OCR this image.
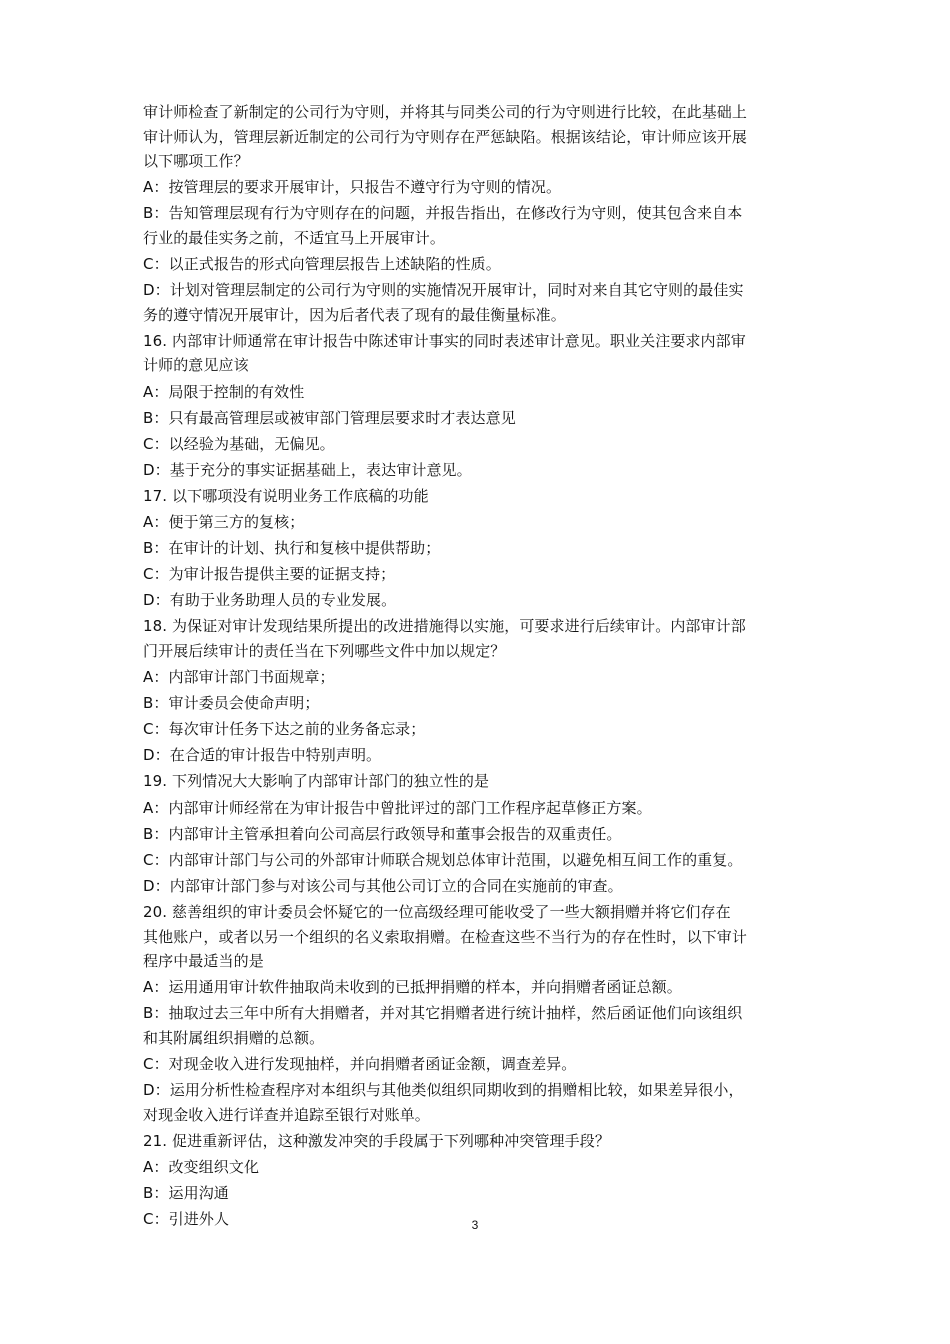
审计师检查了新制定的公司行为守则，并将其与同类公司的行为守则进行比较，在此基础上
审计师认为，管理层新近制定的公司行为守则存在严惩缺陷。根据该结论，审计师应该开展
以下哪项工作？
A：按管理层的要求开展审计，只报告不遵守行为守则的情况。
B：告知管理层现有行为守则存在的问题，并报告指出，在修改行为守则，使其包含来自本
行业的最佳实务之前，不适宜马上开展审计。
C：以正式报告的形式向管理层报告上述缺陷的性质。
D：计划对管理层制定的公司行为守则的实施情况开展审计，同时对来自其它守则的最佳实
务的遵守情况开展审计，因为后者代表了现有的最佳衡量标准。
16. 内部审计师通常在审计报告中陈述审计事实的同时表述审计意见。职业关注要求内部审
计师的意见应该
A：局限于控制的有效性
B：只有最高管理层或被审部门管理层要求时才表达意见
C：以经验为基础，无偏见。
D：基于充分的事实证据基础上，表达审计意见。
17. 以下哪项没有说明业务工作底稿的功能
A：便于第三方的复核；
B：在审计的计划、执行和复核中提供帮助；
C：为审计报告提供主要的证据支持；
D：有助于业务助理人员的专业发展。
18. 为保证对审计发现结果所提出的改进措施得以实施，可要求进行后续审计。内部审计部
门开展后续审计的责任当在下列哪些文件中加以规定？
A：内部审计部门书面规章；
B：审计委员会使命声明；
C：每次审计任务下达之前的业务备忘录；
D：在合适的审计报告中特别声明。
19. 下列情况大大影响了内部审计部门的独立性的是
A：内部审计师经常在为审计报告中曾批评过的部门工作程序起草修正方案。
B：内部审计主管承担着向公司高层行政领导和董事会报告的双重责任。
C：内部审计部门与公司的外部审计师联合规划总体审计范围，以避免相互间工作的重复。
D：内部审计部门参与对该公司与其他公司订立的合同在实施前的审查。
20. 慈善组织的审计委员会怀疑它的一位高级经理可能收受了一些大额捐赠并将它们存在
其他账户，或者以另一个组织的名义索取捐赠。在检查这些不当行为的存在性时，以下审计
程序中最适当的是
A：运用通用审计软件抽取尚未收到的已抵押捐赠的样本，并向捐赠者函证总额。
B：抽取过去三年中所有大捐赠者，并对其它捐赠者进行统计抽样，然后函证他们向该组织
和其附属组织捐赠的总额。
C：对现金收入进行发现抽样，并向捐赠者函证金额，调查差异。
D：运用分析性检查程序对本组织与其他类似组织同期收到的捐赠相比较，如果差异很小，
对现金收入进行详查并追踪至银行对账单。
21. 促进重新评估，这种激发冲突的手段属于下列哪种冲突管理手段？
A：改变组织文化
B：运用沟通
C：引进外人	3
